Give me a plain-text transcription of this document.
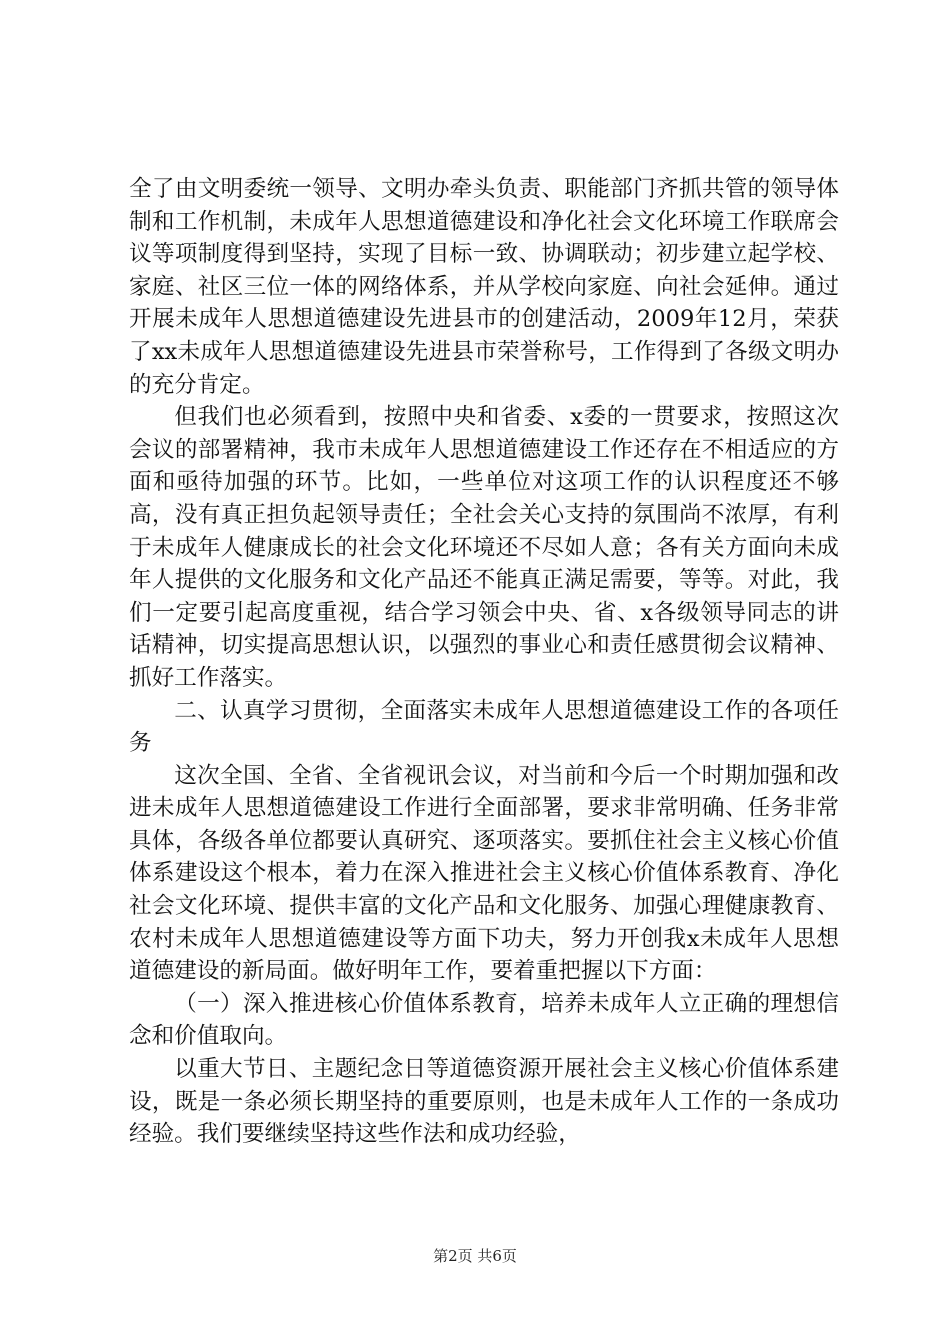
全了由文明委统一领导、文明办牵头负责、职能部门齐抓共管的领导体制和工作机制，未成年人思想道德建设和净化社会文化环境工作联席会议等项制度得到坚持，实现了目标一致、协调联动；初步建立起学校、家庭、社区三位一体的网络体系，并从学校向家庭、向社会延伸。通过开展未成年人思想道德建设先进县市的创建活动，2009年12月，荣获了xx未成年人思想道德建设先进县市荣誉称号，工作得到了各级文明办的充分肯定。

但我们也必须看到，按照中央和省委、x委的一贯要求，按照这次会议的部署精神，我市未成年人思想道德建设工作还存在不相适应的方面和亟待加强的环节。比如，一些单位对这项工作的认识程度还不够高，没有真正担负起领导责任；全社会关心支持的氛围尚不浓厚，有利于未成年人健康成长的社会文化环境还不尽如人意；各有关方面向未成年人提供的文化服务和文化产品还不能真正满足需要，等等。对此，我们一定要引起高度重视，结合学习领会中央、省、x各级领导同志的讲话精神，切实提高思想认识，以强烈的事业心和责任感贯彻会议精神、抓好工作落实。

二、认真学习贯彻，全面落实未成年人思想道德建设工作的各项任务

这次全国、全省、全省视讯会议，对当前和今后一个时期加强和改进未成年人思想道德建设工作进行全面部署，要求非常明确、任务非常具体，各级各单位都要认真研究、逐项落实。要抓住社会主义核心价值体系建设这个根本，着力在深入推进社会主义核心价值体系教育、净化社会文化环境、提供丰富的文化产品和文化服务、加强心理健康教育、农村未成年人思想道德建设等方面下功夫，努力开创我x未成年人思想道德建设的新局面。做好明年工作，要着重把握以下方面：

（一）深入推进核心价值体系教育，培养未成年人立正确的理想信念和价值取向。

以重大节日、主题纪念日等道德资源开展社会主义核心价值体系建设，既是一条必须长期坚持的重要原则，也是未成年人工作的一条成功经验。我们要继续坚持这些作法和成功经验，

第2页 共6页
